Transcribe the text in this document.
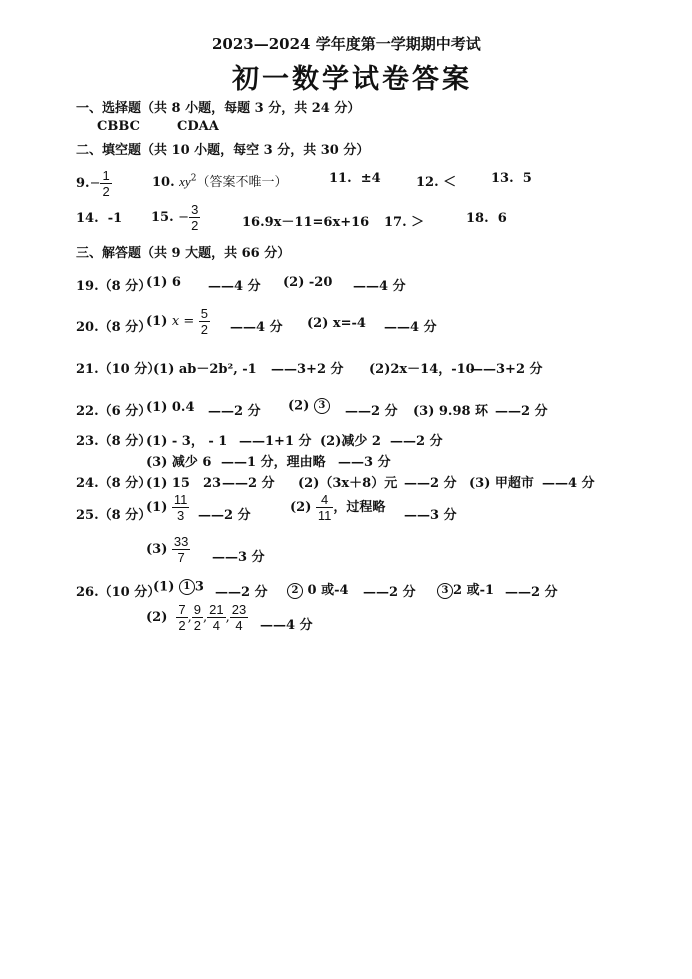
2023—2024 学年度第一学期期中考试
初一数学试卷答案
一、选择题（共 8 小题，每题 3 分，共 24 分）
CBBC	CDAA
二、填空题（共 10 小题，每空 3 分，共 30 分）
$9.- \frac{1}{2}$	10. $xy^2$（答案不唯一）	11. ±4	12. ＜	13. 5
14. -1 15. − $\frac{3}{2}$	16.9x－11=6x+16 17. ＞	18. 6
三、解答题（共 9 大题，共 66 分）
19.（8 分）
(1) 6 ——4 分 (2) -20 ——4 分
20.（8 分）
(1) $x = \frac{5}{2}$ ——4 分 (2) x=-4 ——4 分
21.（10 分）
(1) ab－2b², -1 ——3+2 分 (2)2x－14，-10
——3+2 分
22.（6 分）
(1) 0.4 ——2 分 (2) 3	——2 分 (3) 9.98 环 ——2 分
23.（8 分）
(1) - 3， - 1 ——1+1 分 (2)减少 2 ——2 分
(3) 减少 6 ——1 分，理由略 ——3 分
24.（8 分）
(1) 15　23 ——2 分 (2)（3x＋8）元 ——2 分 (3) 甲超市 ——4 分
25.（8 分）
$(1) \frac{11}{3}$ ——2 分
$(2) \frac{4}{11}$ ，过程略
——3 分
$(3) \frac{33}{7}$ ——3 分
26.（10 分）
(1) 1 3 ——2 分	2 0 或-4 ——2 分	3 2 或-1 ——2 分
$(2) \frac{7}{2}$ , $\frac{9}{2}$ , $\frac{21}{4}$ , $\frac{23}{4}$ ——4 分
